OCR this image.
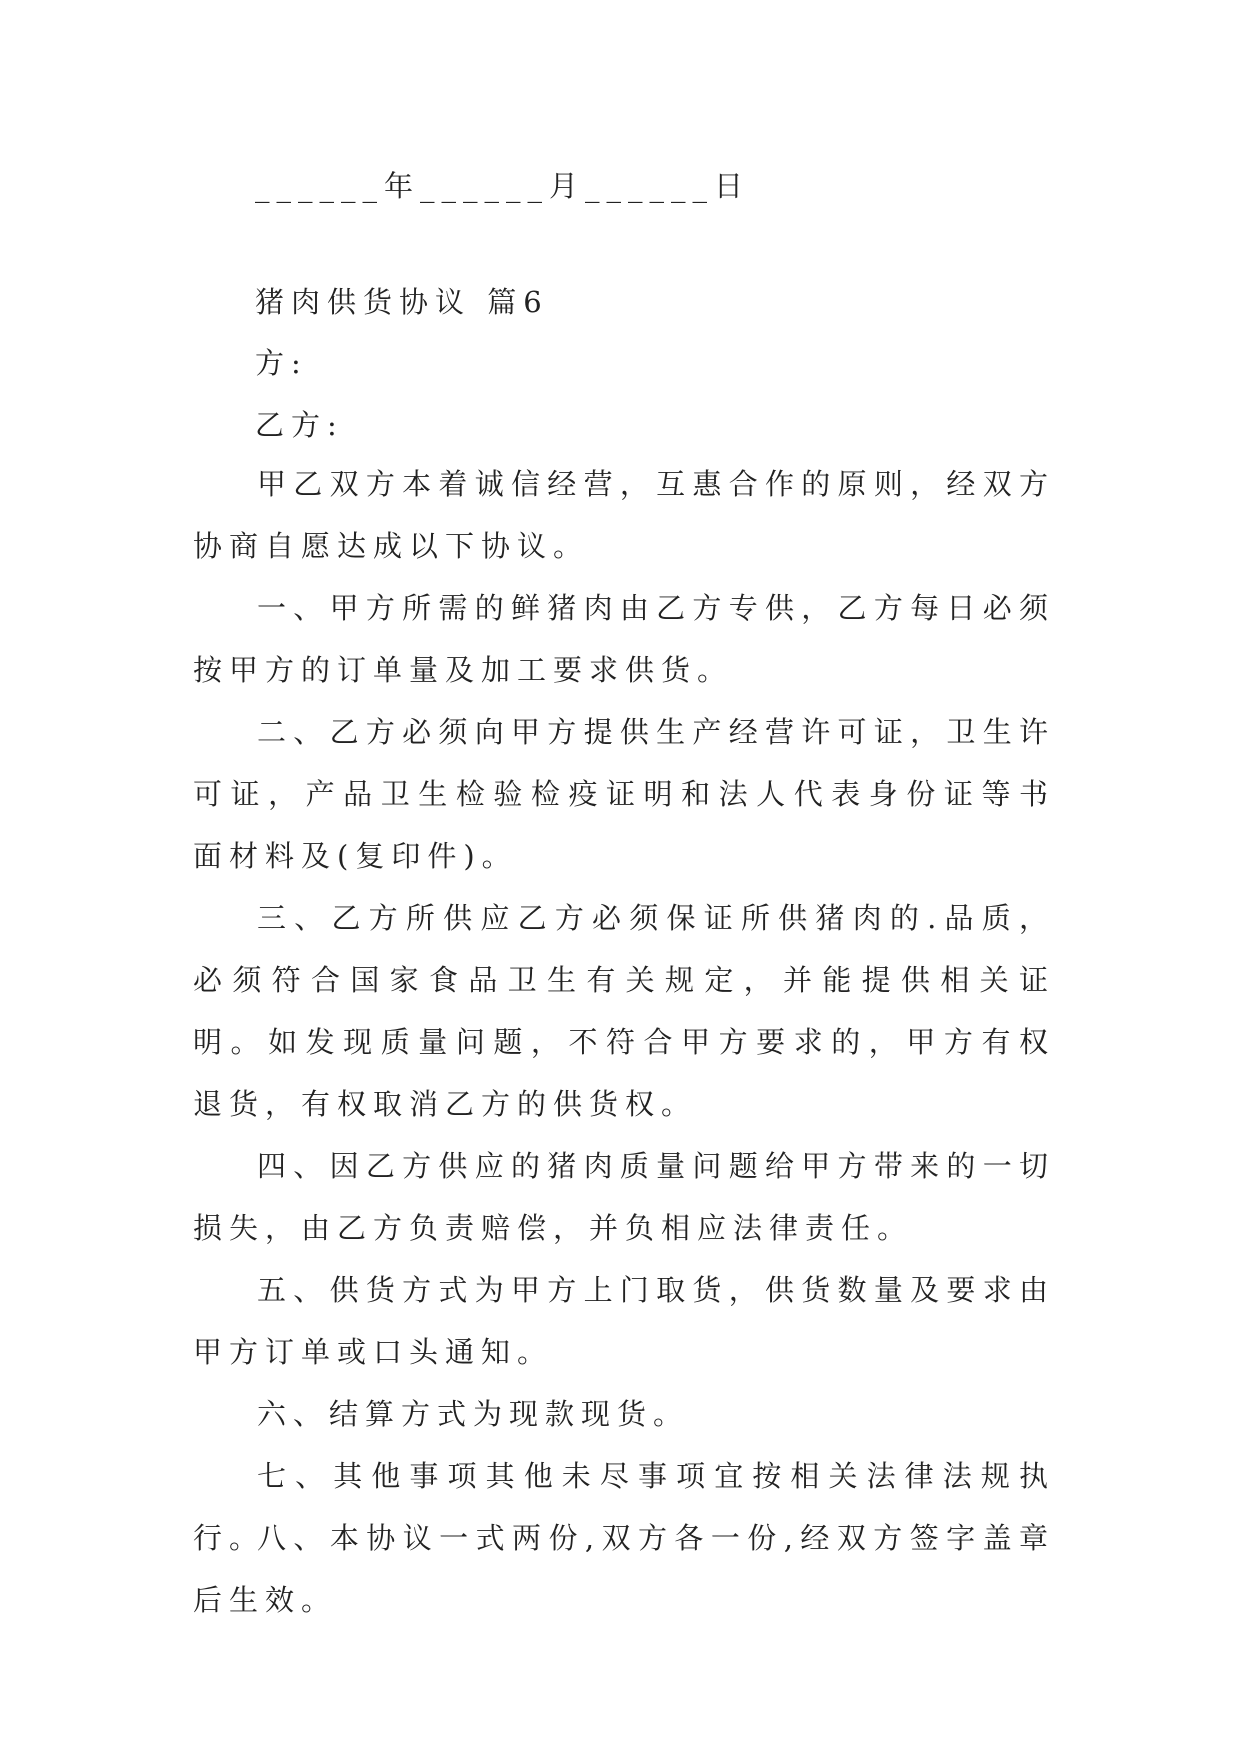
______年______月______日
猪肉供货协议 篇6
方:
乙方:

甲乙双方本着诚信经营，互惠合作的原则，经双方协商自愿达成以下协议。

一、甲方所需的鲜猪肉由乙方专供，乙方每日必须按甲方的订单量及加工要求供货。

二、乙方必须向甲方提供生产经营许可证，卫生许可证，产品卫生检验检疫证明和法人代表身份证等书面材料及(复印件)。

三、乙方所供应乙方必须保证所供猪肉的.品质，必须符合国家食品卫生有关规定，并能提供相关证明。如发现质量问题，不符合甲方要求的，甲方有权退货，有权取消乙方的供货权。

四、因乙方供应的猪肉质量问题给甲方带来的一切损失，由乙方负责赔偿，并负相应法律责任。

五、供货方式为甲方上门取货，供货数量及要求由甲方订单或口头通知。

六、结算方式为现款现货。

七、其他事项其他未尽事项宜按相关法律法规执行。

八、本协议一式两份,双方各一份,经双方签字盖章后生效。
